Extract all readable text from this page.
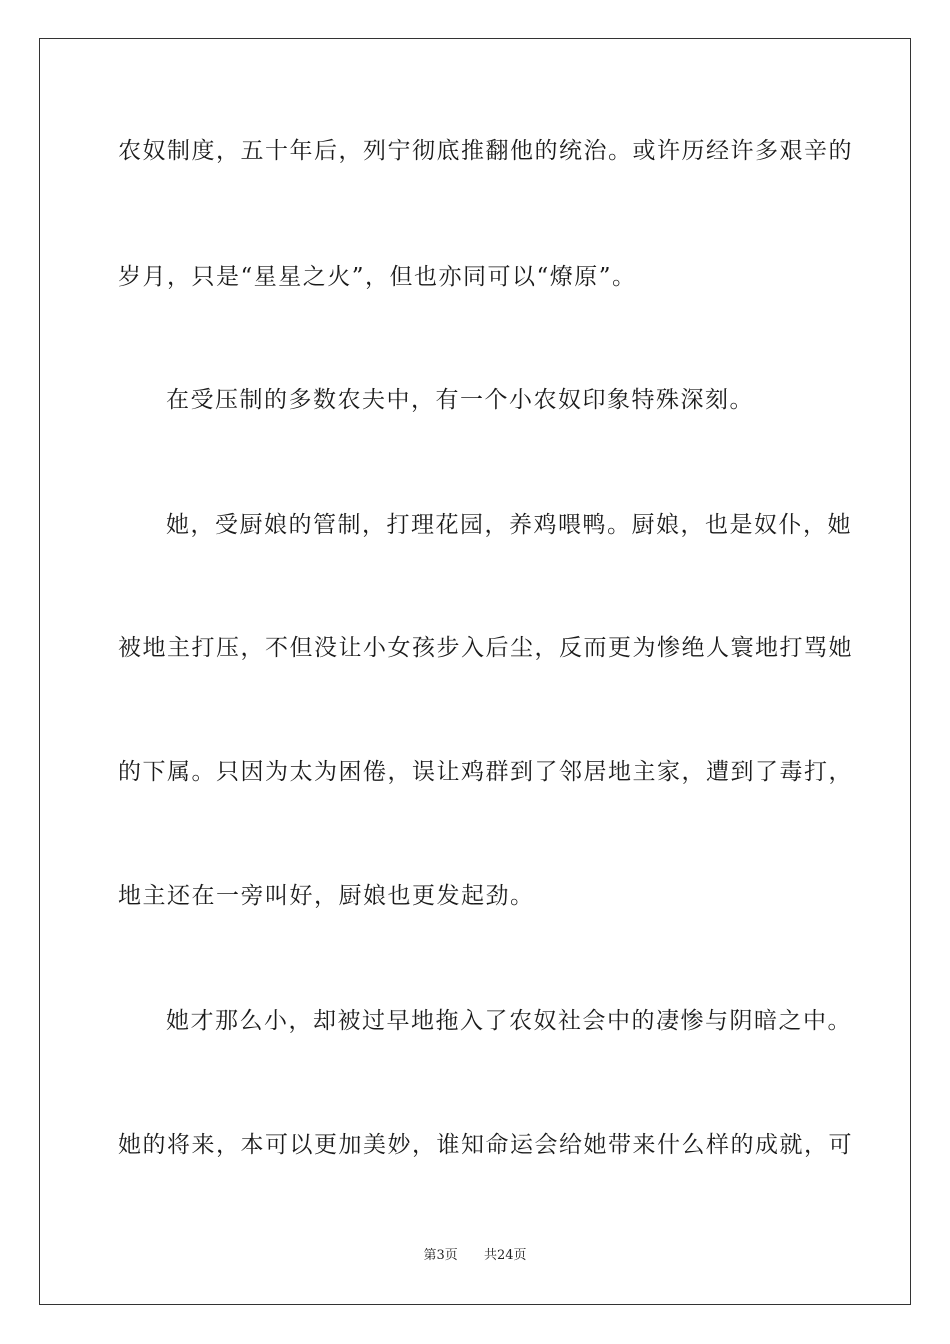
农奴制度，五十年后，列宁彻底推翻他的统治。或许历经许多艰辛的
岁月，只是“星星之火”，但也亦同可以“燎原”。
在受压制的多数农夫中，有一个小农奴印象特殊深刻。
她，受厨娘的管制，打理花园，养鸡喂鸭。厨娘，也是奴仆，她
被地主打压，不但没让小女孩步入后尘，反而更为惨绝人寰地打骂她
的下属。只因为太为困倦，误让鸡群到了邻居地主家，遭到了毒打，
地主还在一旁叫好，厨娘也更发起劲。
她才那么小，却被过早地拖入了农奴社会中的凄惨与阴暗之中。
她的将来，本可以更加美妙，谁知命运会给她带来什么样的成就，可
第3页 共24页
